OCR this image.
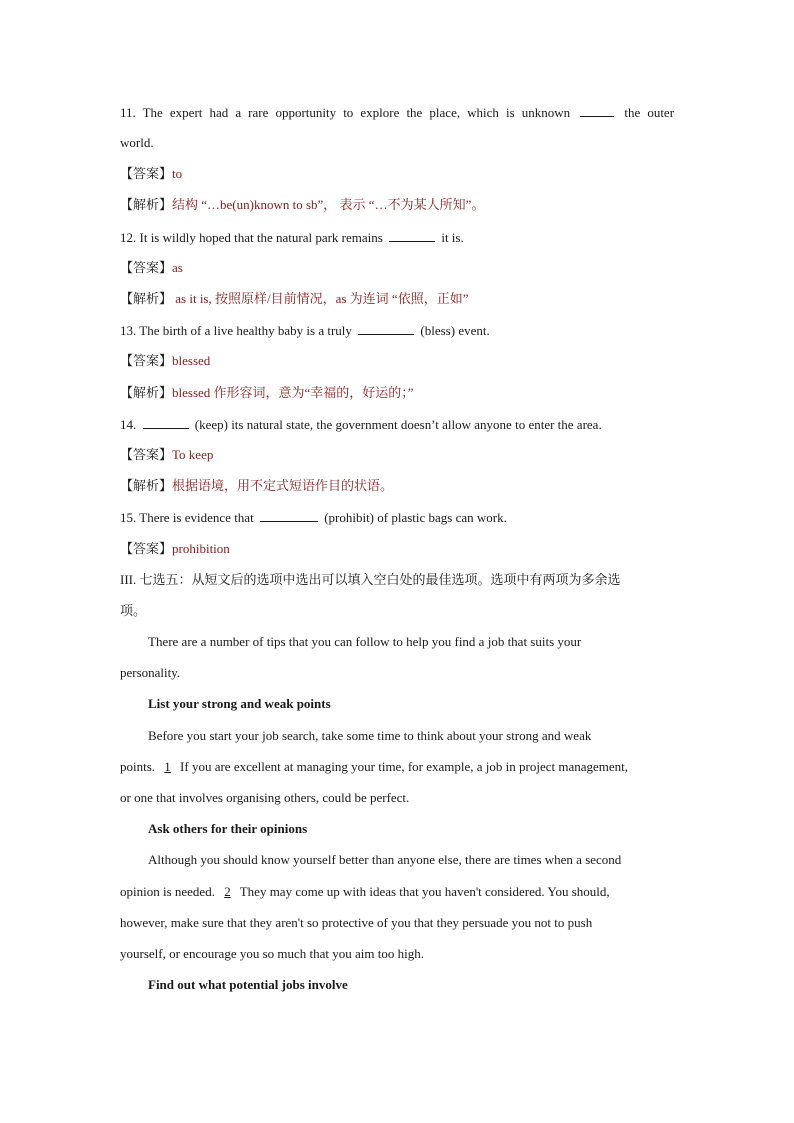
11. The expert had a rare opportunity to explore the place, which is unknown	the outer
world.
【答案】to
【解析】结构 “…be(un)known to sb”， 表示 “…不为某人所知”。
12. It is wildly hoped that the natural park remains	it is.
【答案】as
【解析】 as it is, 按照原样/目前情况，as 为连词 “依照，正如”
13. The birth of a live healthy baby is a truly	(bless) event.
【答案】blessed
【解析】blessed 作形容词，意为“幸福的，好运的；”
14.	(keep) its natural state, the government doesn’t allow anyone to enter the area.
【答案】To keep
【解析】根据语境，用不定式短语作目的状语。
15. There is evidence that	(prohibit) of plastic bags can work.
【答案】prohibition
III. 七选五：从短文后的选项中选出可以填入空白处的最佳选项。选项中有两项为多余选
项。
There are a number of tips that you can follow to help you find a job that suits your
personality.
List your strong and weak points
Before you start your job search, take some time to think about your strong and weak
points. 1 If you are excellent at managing your time, for example, a job in project management,
or one that involves organising others, could be perfect.
Ask others for their opinions
Although you should know yourself better than anyone else, there are times when a second
opinion is needed. 2 They may come up with ideas that you haven't considered. You should,
however, make sure that they aren't so protective of you that they persuade you not to push
yourself, or encourage you so much that you aim too high.
Find out what potential jobs involve
